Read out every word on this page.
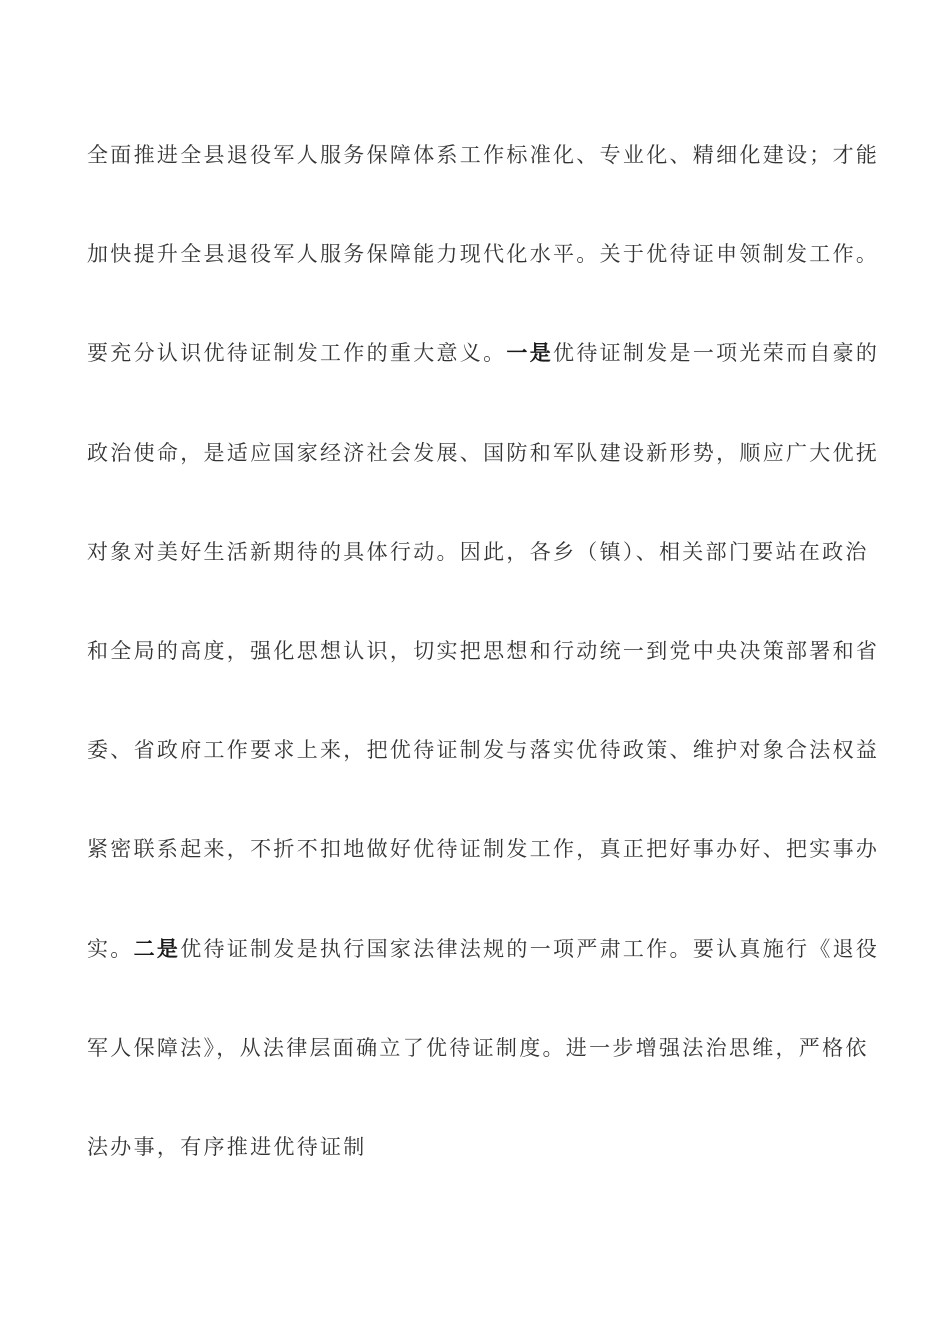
全面推进全县退役军人服务保障体系工作标准化、专业化、精细化建设；才能
加快提升全县退役军人服务保障能力现代化水平。关于优待证申领制发工作。
要充分认识优待证制发工作的重大意义。一是优待证制发是一项光荣而自豪的
政治使命，是适应国家经济社会发展、国防和军队建设新形势，顺应广大优抚
对象对美好生活新期待的具体行动。因此，各乡（镇）、相关部门要站在政治
和全局的高度，强化思想认识，切实把思想和行动统一到党中央决策部署和省
委、省政府工作要求上来，把优待证制发与落实优待政策、维护对象合法权益
紧密联系起来，不折不扣地做好优待证制发工作，真正把好事办好、把实事办
实。二是优待证制发是执行国家法律法规的一项严肃工作。要认真施行《退役
军人保障法》，从法律层面确立了优待证制度。进一步增强法治思维，严格依
法办事，有序推进优待证制
